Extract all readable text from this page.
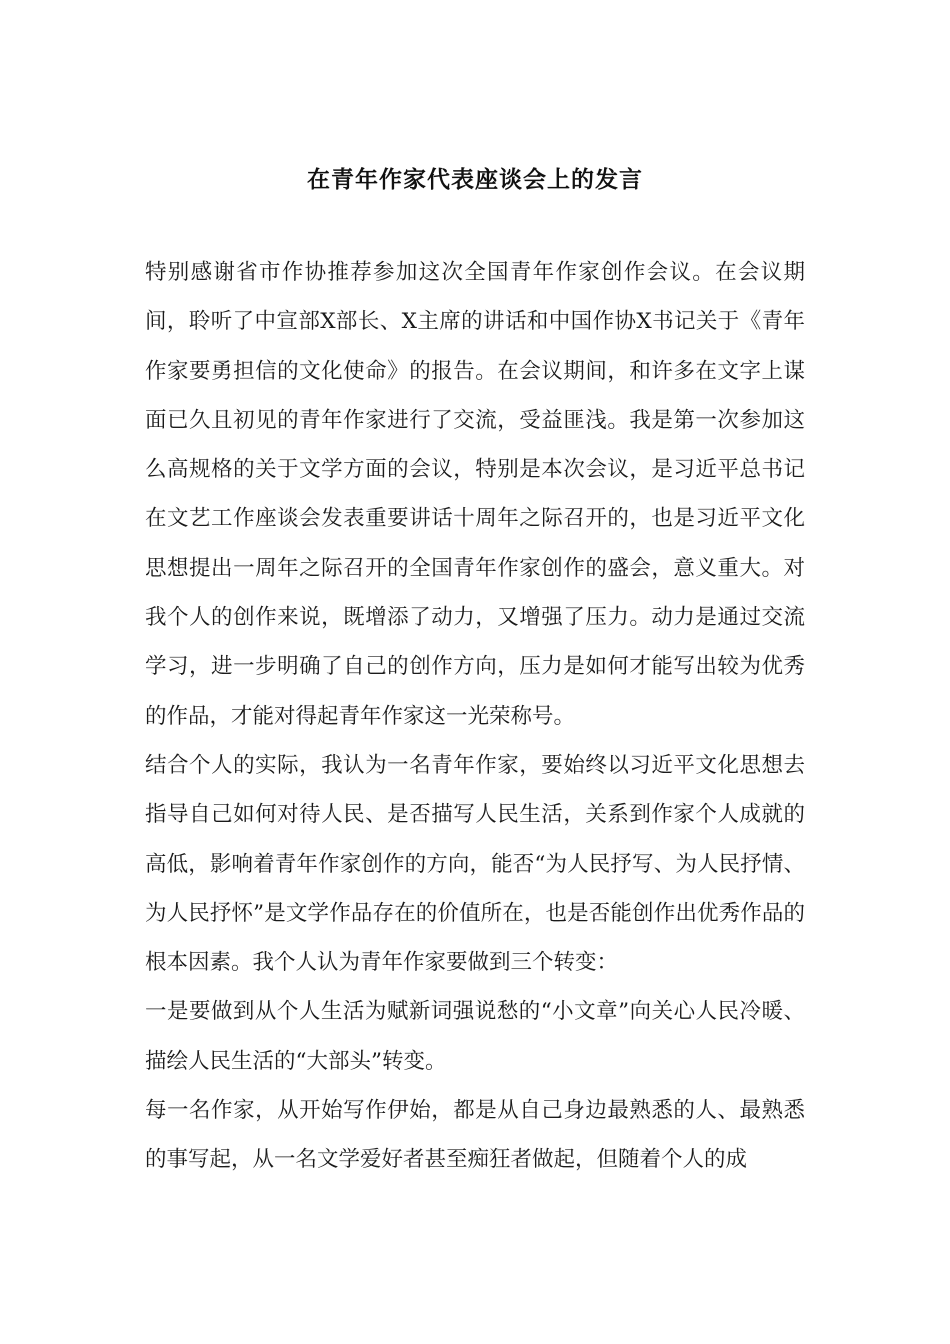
在青年作家代表座谈会上的发言

特别感谢省市作协推荐参加这次全国青年作家创作会议。在会议期间，聆听了中宣部X部长、X主席的讲话和中国作协X书记关于《青年作家要勇担信的文化使命》的报告。在会议期间，和许多在文字上谋面已久且初见的青年作家进行了交流，受益匪浅。我是第一次参加这么高规格的关于文学方面的会议，特别是本次会议，是习近平总书记在文艺工作座谈会发表重要讲话十周年之际召开的，也是习近平文化思想提出一周年之际召开的全国青年作家创作的盛会，意义重大。对我个人的创作来说，既增添了动力，又增强了压力。动力是通过交流学习，进一步明确了自己的创作方向，压力是如何才能写出较为优秀的作品，才能对得起青年作家这一光荣称号。

结合个人的实际，我认为一名青年作家，要始终以习近平文化思想去指导自己如何对待人民、是否描写人民生活，关系到作家个人成就的高低，影响着青年作家创作的方向，能否“为人民抒写、为人民抒情、为人民抒怀”是文学作品存在的价值所在，也是否能创作出优秀作品的根本因素。我个人认为青年作家要做到三个转变：

一是要做到从个人生活为赋新词强说愁的“小文章”向关心人民冷暖、描绘人民生活的“大部头”转变。

每一名作家，从开始写作伊始，都是从自己身边最熟悉的人、最熟悉的事写起，从一名文学爱好者甚至痴狂者做起，但随着个人的成
